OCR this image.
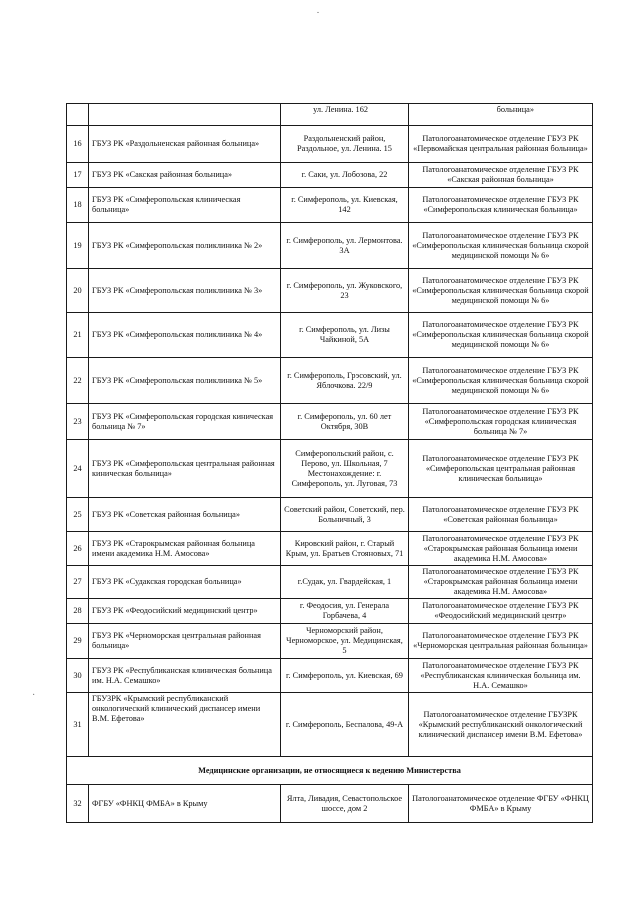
.
·
		ул. Ленина. 162	больница»
16	ГБУЗ РК «Раздольненская районная больница»	Раздольненский район, Раздольное, ул. Ленина. 15	Патологоанатомическое отделение ГБУЗ РК «Первомайская центральная районная больница»
17	ГБУЗ РК «Сакская районная больница»	г. Саки, ул. Лобозова, 22	Патологоанатомическое отделение ГБУЗ РК «Сакская районная больница»
18	ГБУЗ РК «Симферопольская клиническая больница»	г. Симферополь, ул. Киевская, 142	Патологоанатомическое отделение ГБУЗ РК «Симферопольская клиническая больница»
19	ГБУЗ РК «Симферопольская поликлиника № 2»	г. Симферополь, ул. Лермонтова. 3А	Патологоанатомическое отделение ГБУЗ РК «Симферопольская клиническая больница скорой медицинской помощи № 6»
20	ГБУЗ РК «Симферопольская поликлиника № 3»	г. Симферополь, ул. Жуковского, 23	Патологоанатомическое отделение ГБУЗ РК «Симферопольская клиническая больница скорой медицинской помощи № 6»
21	ГБУЗ РК «Симферопольская поликлиника № 4»	г. Симферополь, ул. Лизы Чайкиной, 5А	Патологоанатомическое отделение ГБУЗ РК «Симферопольская клиническая больница скорой медицинской помощи № 6»
22	ГБУЗ РК «Симферопольская поликлиника № 5»	г. Симферополь, Грэсовский, ул. Яблочкова. 22/9	Патологоанатомическое отделение ГБУЗ РК «Симферопольская клиническая больница скорой медицинской помощи № 6»
23	ГБУЗ РК «Симферопольская городская киническая больница № 7»	г. Симферополь, ул. 60 лет Октября, 30В	Патологоанатомическое отделение ГБУЗ РК «Симферопольская городская клиническая больница № 7»
24	ГБУЗ РК «Симферопольская центральная районная киническая больница»	Симферопольский район, с. Перово, ул. Школьная, 7 Местонахождение: г. Симферополь, ул. Луговая, 73	Патологоанатомическое отделение ГБУЗ РК «Симферопольская центральная районная клиническая больница»
25	ГБУЗ РК «Советская районная больница»	Советский район, Советский, пер. Больничный, 3	Патологоанатомическое отделение ГБУЗ РК «Советская районная больница»
26	ГБУЗ РК «Старокрымская районная больница имени академика Н.М. Амосова»	Кировский район, г. Старый Крым, ул. Братьев Стояновых, 71	Патологоанатомическое отделение ГБУЗ РК «Старокрымская районная больница имени академика Н.М. Амосова»
27	ГБУЗ РК «Судакская городская больница»	г.Судак, ул. Гвардейская, 1	Патологоанатомическое отделение ГБУЗ РК «Старокрымская районная больница имени академика Н.М. Амосова»
28	ГБУЗ РК «Феодосийский медицинский центр»	г. Феодосия, ул. Генерала Горбачева, 4	Патологоанатомическое отделение ГБУЗ РК «Феодосийский медицинский центр»
29	ГБУЗ РК «Черноморская центральная районная больница»	Черноморский район, Черноморское, ул. Медицинская, 5	Патологоанатомическое отделение ГБУЗ РК «Черноморская центральная районная больница»
30	ГБУЗ РК «Республиканская клиническая больница им. Н.А. Семашко»	г. Симферополь, ул. Киевская, 69	Патологоанатомическое отделение ГБУЗ РК «Республиканская клиническая больница им. Н.А. Семашко»
31	ГБУЗРК «Крымский республиканский онкологический клинический диспансер имени В.М. Ефетова»	г. Симферополь, Беспалова, 49-А	Патологоанатомическое отделение ГБУЗРК «Крымский республиканский онкологический клинический диспансер имени В.М. Ефетова»
Медицинские организации, не относящиеся к ведению Министерства			
32	ФГБУ «ФНКЦ ФМБА» в Крыму	Ялта, Ливадия, Севастопольское шоссе, дом 2	Патологоанатомическое отделение ФГБУ «ФНКЦ ФМБА» в Крыму
